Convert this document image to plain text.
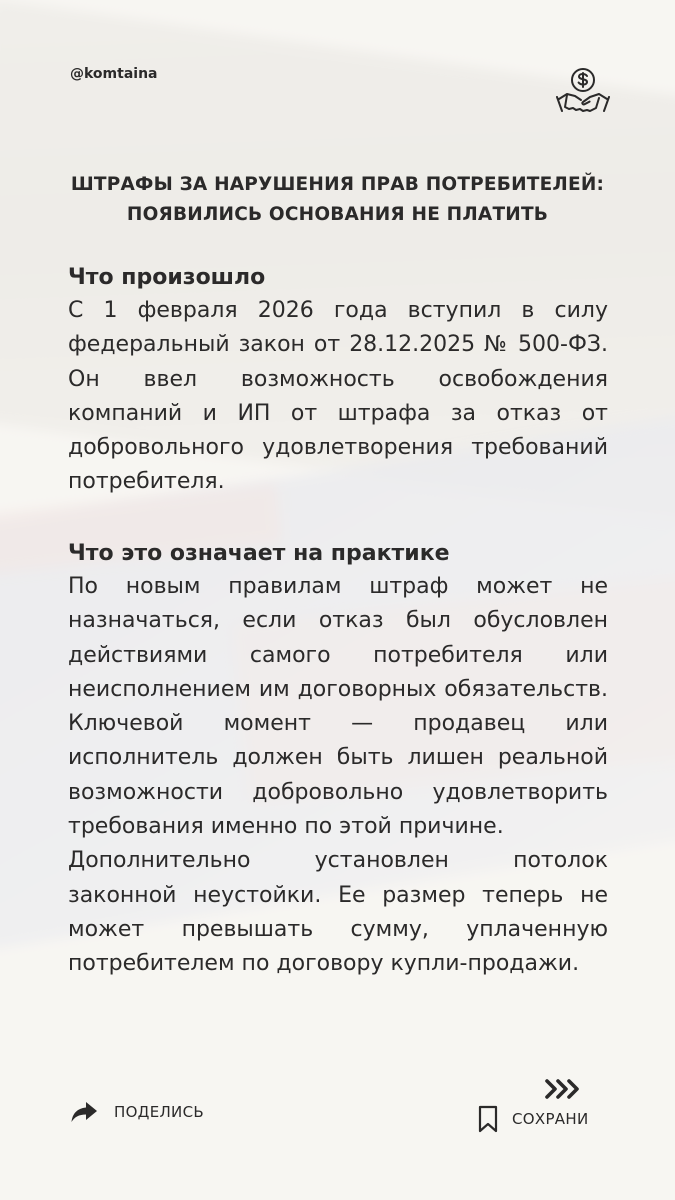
@komtaina
ШТРАФЫ ЗА НАРУШЕНИЯ ПРАВ ПОТРЕБИТЕЛЕЙ:
ПОЯВИЛИСЬ ОСНОВАНИЯ НЕ ПЛАТИТЬ
Что произошло

С 1 февраля 2026 года вступил в силу федеральный закон от 28.12.2025 № 500-ФЗ. Он ввел возможность освобождения компаний и ИП от штрафа за отказ от добровольного удовлетворения требований потребителя.

Что это означает на практике

По новым правилам штраф может не назначаться, если отказ был обусловлен действиями самого потребителя или неисполнением им договорных обязательств. Ключевой момент — продавец или исполнитель должен быть лишен реальной возможности добровольно удовлетворить требования именно по этой причине.

Дополнительно установлен потолок законной неустойки. Ее размер теперь не может превышать сумму, уплаченную потребителем по договору купли-продажи.

ПОДЕЛИСЬ	СОХРАНИ
